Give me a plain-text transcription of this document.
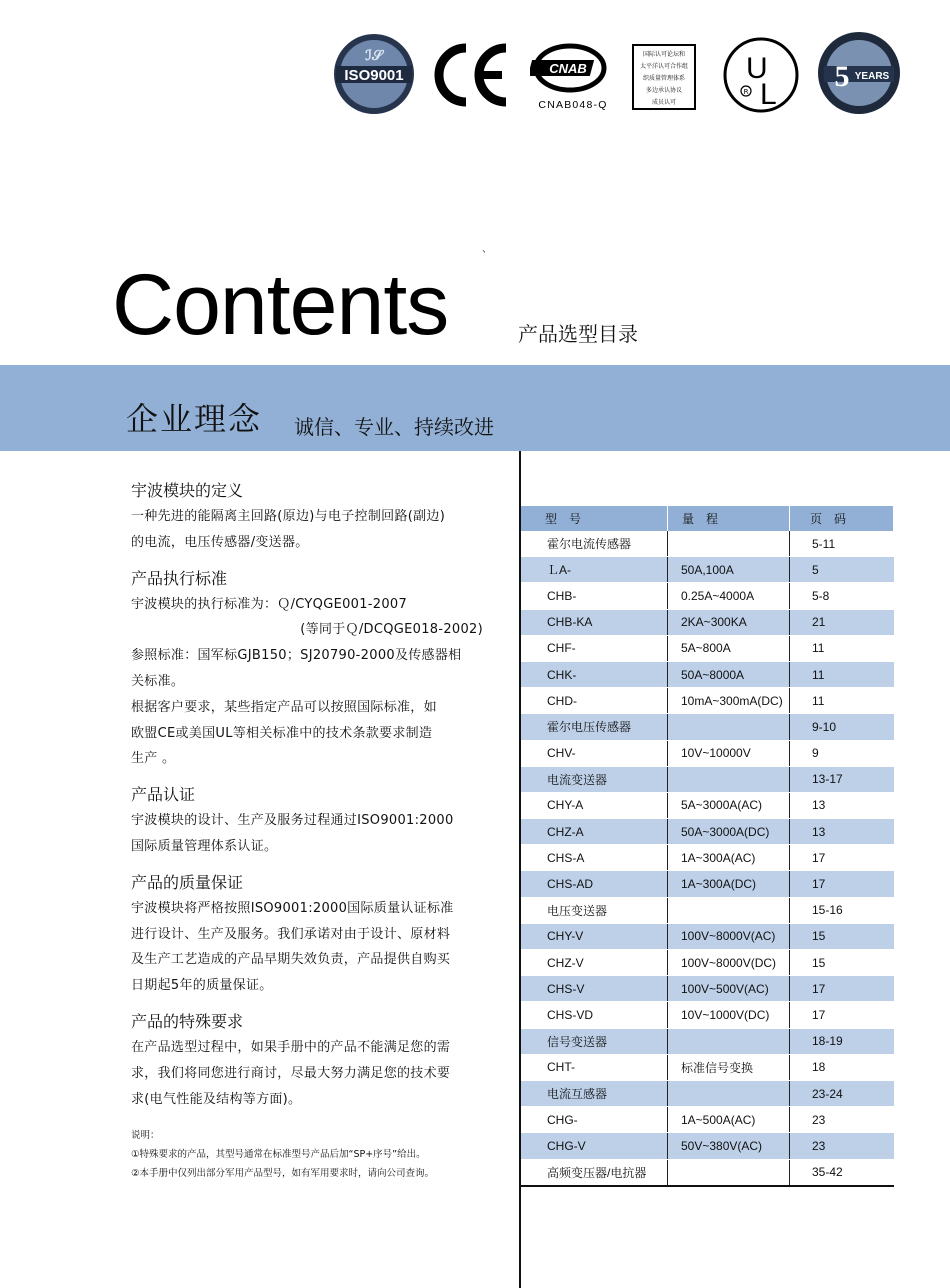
ISO9001
ℐ𝒮
CNAB
CNAB048-Q
国际认可论坛和
太平洋认可合作组
织质量管理体系
多边承认协议
成员认可
U
L
R	5 YEARS
、
Contents	产品选型目录
企业理念 诚信、专业、持续改进

宇波模块的定义

一种先进的能隔离主回路(原边)与电子控制回路(副边)

的电流，电压传感器/变送器。

产品执行标准

宇波模块的执行标准为：Ｑ/CYQGE001-2007

(等同于Ｑ/DCQGE018-2002)

参照标准：国军标GJB150；SJ20790-2000及传感器相

关标准。

根据客户要求，某些指定产品可以按照国际标准，如

欧盟CE或美国UL等相关标准中的技术条款要求制造

生产 。

产品认证

宇波模块的设计、生产及服务过程通过ISO9001:2000

国际质量管理体系认证。

产品的质量保证

宇波模块将严格按照ISO9001:2000国际质量认证标准

进行设计、生产及服务。我们承诺对由于设计、原材料

及生产工艺造成的产品早期失效负责，产品提供自购买

日期起5年的质量保证。

产品的特殊要求

在产品选型过程中，如果手册中的产品不能满足您的需

求，我们将同您进行商讨，尽最大努力满足您的技术要

求(电气性能及结构等方面)。

说明：

①特殊要求的产品，其型号通常在标准型号产品后加“SP+序号”给出。

②本手册中仅列出部分军用产品型号，如有军用要求时，请向公司查询。

型　号	量　程	页　码
霍尔电流传感器		5-11
ＬA-	50A,100A	5
CHB-	0.25A~4000A	5-8
CHB-KA	2KA~300KA	21
CHF-	5A~800A	11
CHK-	50A~8000A	11
CHD-	10mA~300mA(DC)	11
霍尔电压传感器		9-10
CHV-	10V~10000V	9
电流变送器		13-17
CHY-A	5A~3000A(AC)	13
CHZ-A	50A~3000A(DC)	13
CHS-A	1A~300A(AC)	17
CHS-AD	1A~300A(DC)	17
电压变送器		15-16
CHY-V	100V~8000V(AC)	15
CHZ-V	100V~8000V(DC)	15
CHS-V	100V~500V(AC)	17
CHS-VD	10V~1000V(DC)	17
信号变送器		18-19
CHT-	标准信号变换	18
电流互感器		23-24
CHG-	1A~500A(AC)	23
CHG-V	50V~380V(AC)	23
高频变压器/电抗器		35-42
